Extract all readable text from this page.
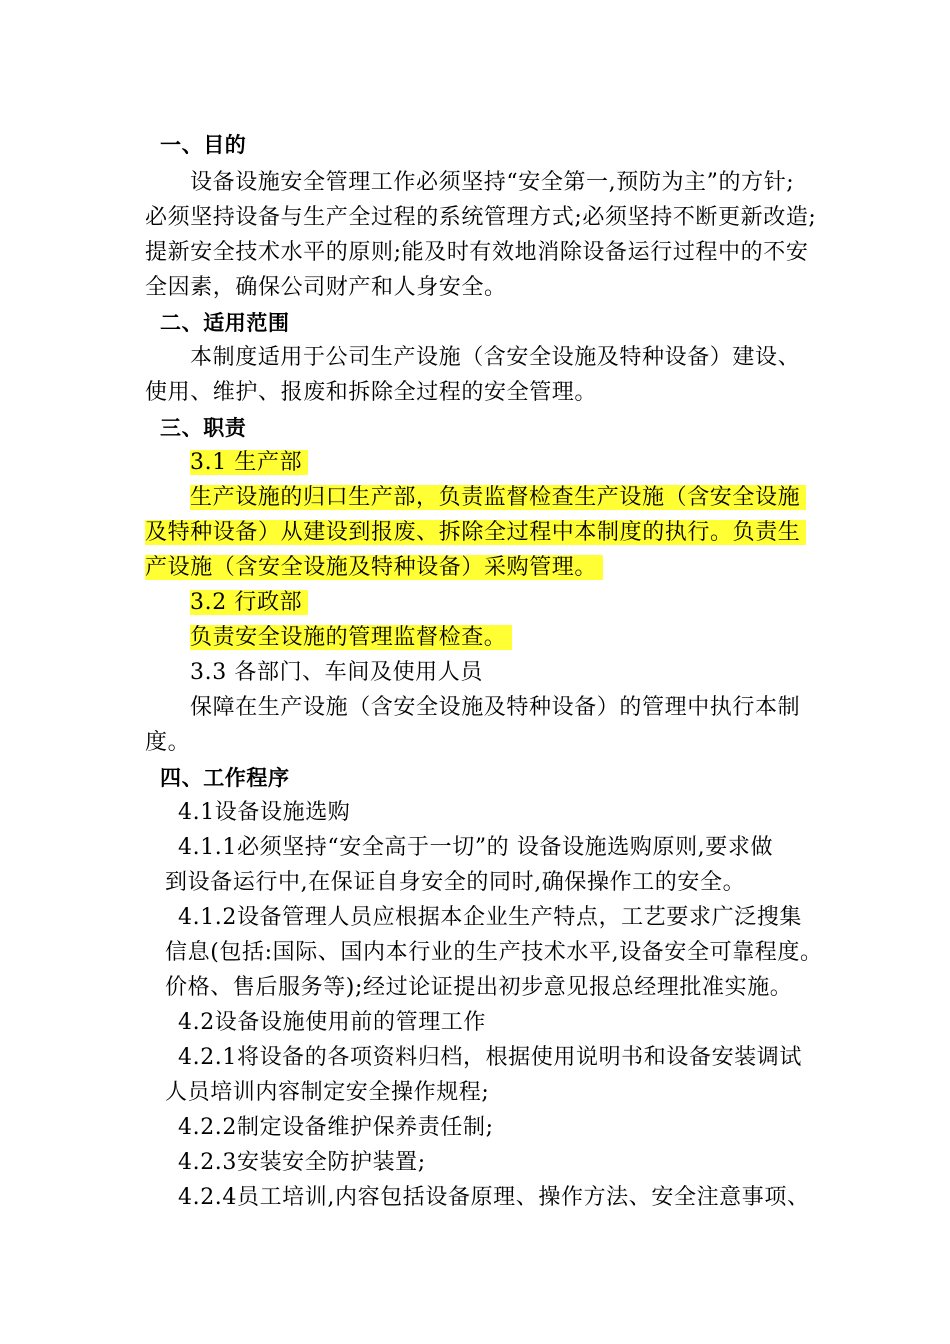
一、目的
设备设施安全管理工作必须坚持“安全第一,预防为主”的方针;
必须坚持设备与生产全过程的系统管理方式;必须坚持不断更新改造;
提新安全技术水平的原则;能及时有效地消除设备运行过程中的不安
全因素，确保公司财产和人身安全。
二、适用范围
本制度适用于公司生产设施（含安全设施及特种设备）建设、
使用、维护、报废和拆除全过程的安全管理。
三、职责
3.1 生产部
生产设施的归口生产部，负责监督检查生产设施（含安全设施
及特种设备）从建设到报废、拆除全过程中本制度的执行。负责生
产设施（含安全设施及特种设备）采购管理。
3.2 行政部
负责安全设施的管理监督检查。
3.3 各部门、车间及使用人员
保障在生产设施（含安全设施及特种设备）的管理中执行本制
度。
四、工作程序
4.1设备设施选购
4.1.1必须坚持“安全高于一切”的 设备设施选购原则,要求做
到设备运行中,在保证自身安全的同时,确保操作工的安全。
4.1.2设备管理人员应根据本企业生产特点，工艺要求广泛搜集
信息(包括:国际、国内本行业的生产技术水平,设备安全可靠程度。
价格、售后服务等);经过论证提出初步意见报总经理批准实施。
4.2设备设施使用前的管理工作
4.2.1将设备的各项资料归档，根据使用说明书和设备安装调试
人员培训内容制定安全操作规程;
4.2.2制定设备维护保养责任制;
4.2.3安装安全防护装置;
4.2.4员工培训,内容包括设备原理、操作方法、安全注意事项、
